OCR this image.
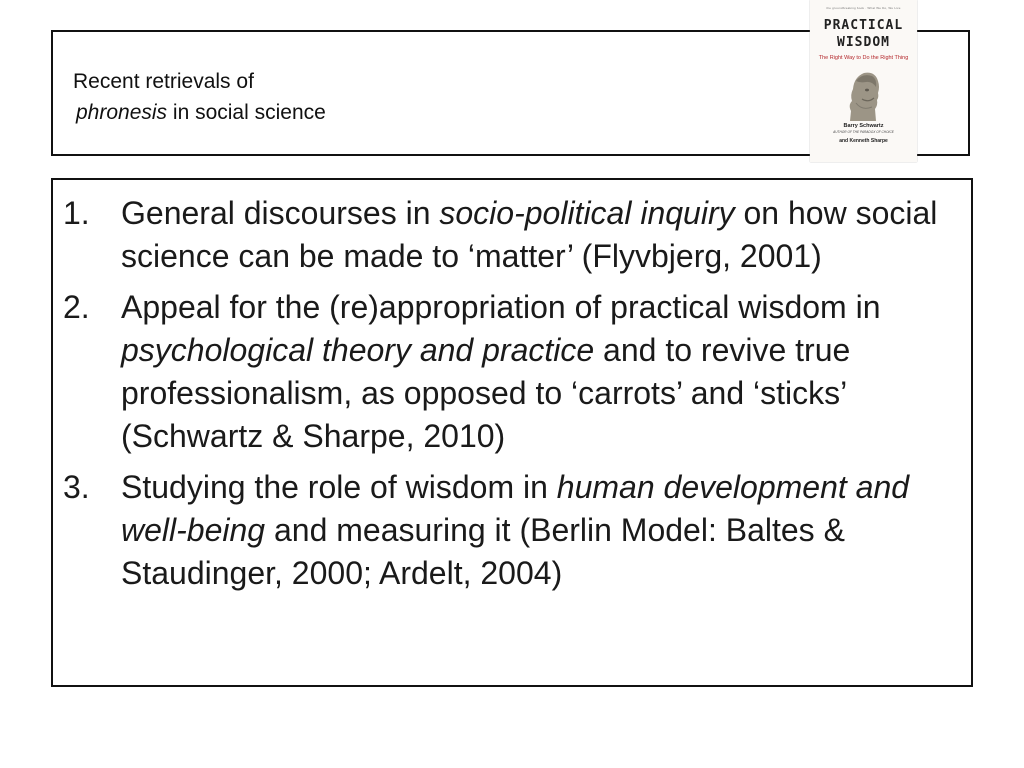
Recent retrievals of
phronesis in social science
the groundbreaking book · What We Do, We Live
PRACTICAL
WISDOM
The Right Way to Do the Right Thing
Barry Schwartz
AUTHOR OF THE PARADOX OF CHOICE
and Kenneth Sharpe
1. General discourses in socio-political inquiry on how social science can be made to ‘matter’ (Flyvbjerg, 2001)
2. Appeal for the (re)appropriation of practical wisdom in psychological theory and practice and to revive true professionalism, as opposed to ‘carrots’ and ‘sticks’ (Schwartz & Sharpe, 2010)
3. Studying the role of wisdom in human development and well-being and measuring it (Berlin Model: Baltes & Staudinger, 2000; Ardelt, 2004)
